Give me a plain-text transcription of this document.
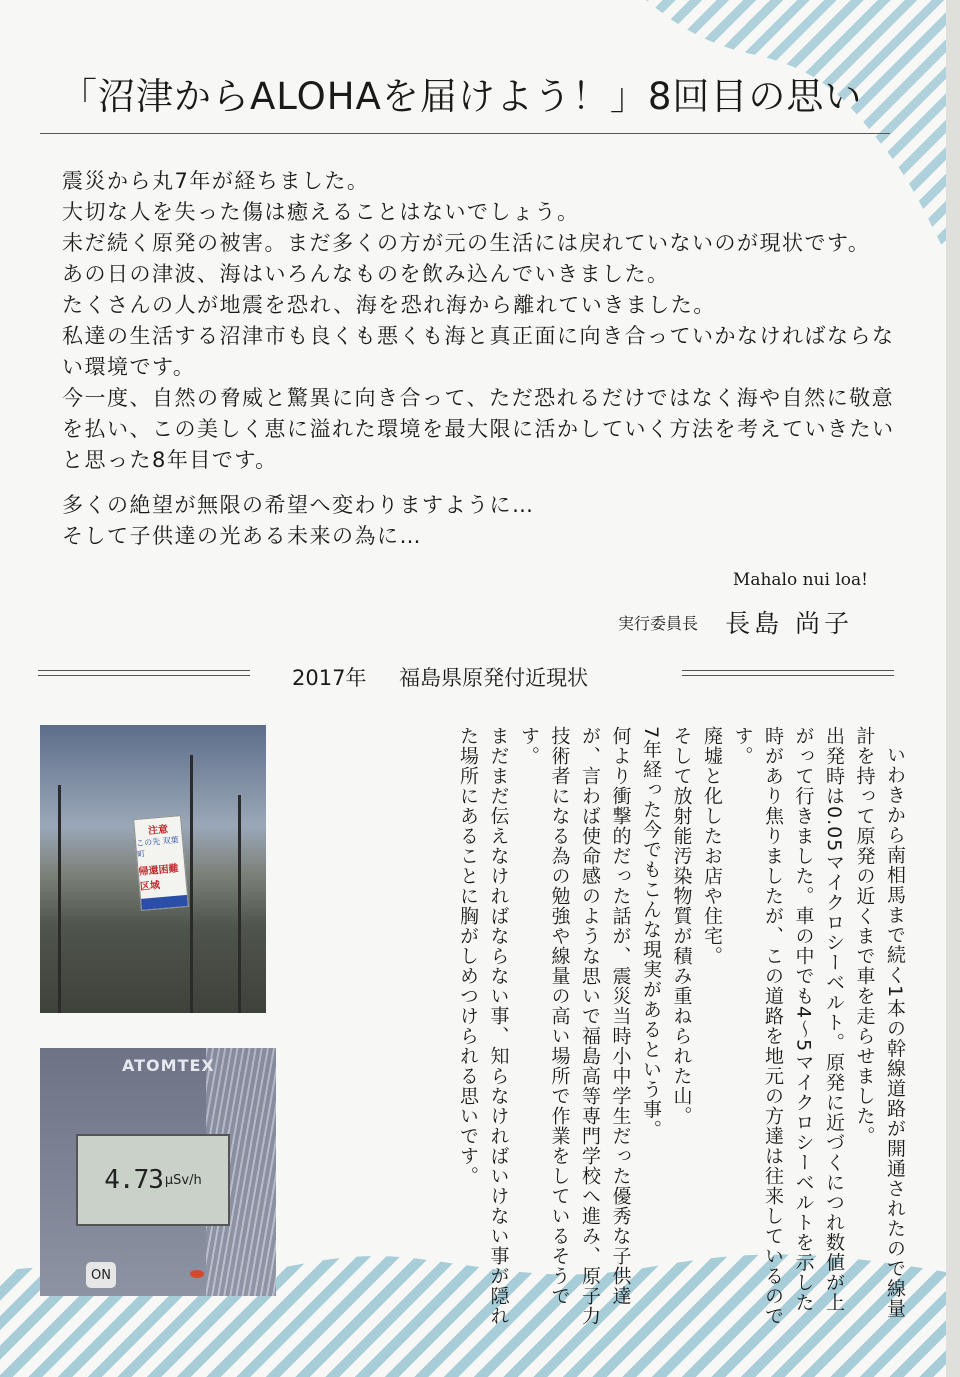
「沼津からALOHAを届けよう！」8回目の思い

震災から丸7年が経ちました。

大切な人を失った傷は癒えることはないでしょう。

未だ続く原発の被害。まだ多くの方が元の生活には戻れていないのが現状です。

あの日の津波、海はいろんなものを飲み込んでいきました。

たくさんの人が地震を恐れ、海を恐れ海から離れていきました。

私達の生活する沼津市も良くも悪くも海と真正面に向き合っていかなければならな

い環境です。

今一度、自然の脅威と驚異に向き合って、ただ恐れるだけではなく海や自然に敬意

を払い、この美しく恵に溢れた環境を最大限に活かしていく方法を考えていきたい

と思った8年目です。

多くの絶望が無限の希望へ変わりますように…

そして子供達の光ある未来の為に…

Mahalo nui loa!
実行委員長 長島 尚子
2017年 福島県原発付近現状
注意
この先 双葉町
帰還困難区域
ATOMTEX
4.73 μSv/h
ON	いわきから南相馬まで続く1本の幹線道路が開通されたので線量計を持って原発の近くまで車を走らせました。

出発時は0.05マイクロシーベルト。原発に近づくにつれ数値が上がって行きました。車の中でも4〜5マイクロシーベルトを示した時があり焦りましたが、この道路を地元の方達は往来しているのです。

廃墟と化したお店や住宅。

そして放射能汚染物質が積み重ねられた山。

7年経った今でもこんな現実があるという事。

何より衝撃的だった話が、震災当時小中学生だった優秀な子供達が、言わば使命感のような思いで福島高等専門学校へ進み、原子力技術者になる為の勉強や線量の高い場所で作業をしているそうです。

まだまだ伝えなければならない事、知らなければいけない事が隠れた場所にあることに胸がしめつけられる思いです。
